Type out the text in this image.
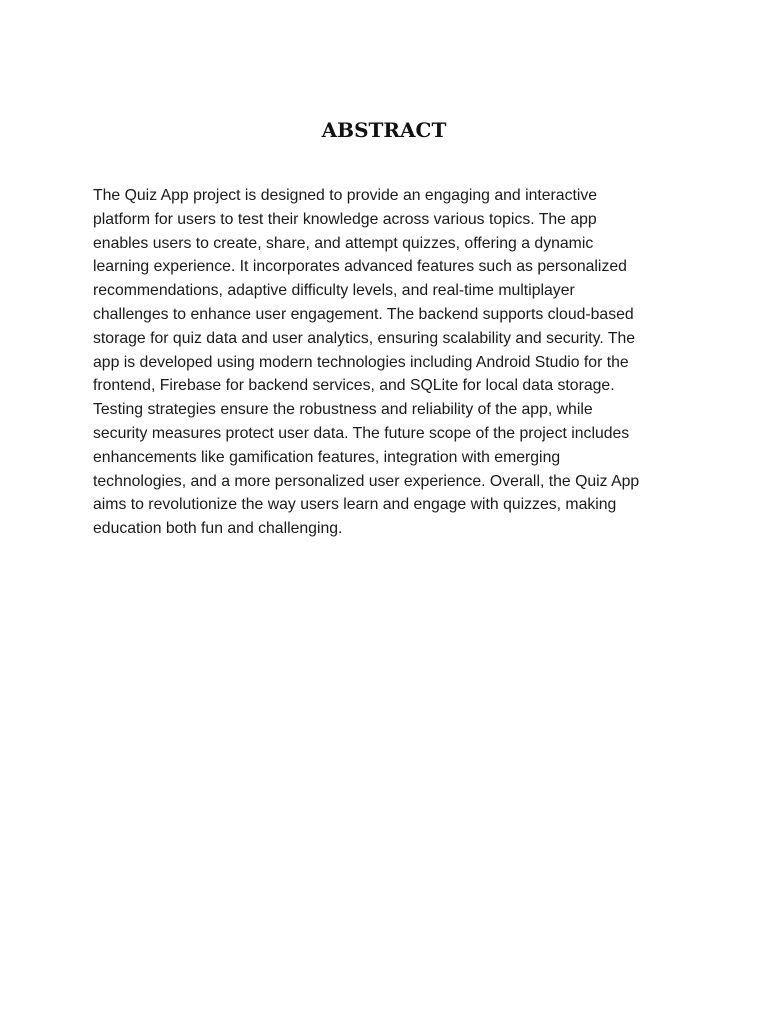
ABSTRACT

The Quiz App project is designed to provide an engaging and interactive
platform for users to test their knowledge across various topics. The app
enables users to create, share, and attempt quizzes, offering a dynamic
learning experience. It incorporates advanced features such as personalized
recommendations, adaptive difficulty levels, and real-time multiplayer
challenges to enhance user engagement. The backend supports cloud-based
storage for quiz data and user analytics, ensuring scalability and security. The
app is developed using modern technologies including Android Studio for the
frontend, Firebase for backend services, and SQLite for local data storage.
Testing strategies ensure the robustness and reliability of the app, while
security measures protect user data. The future scope of the project includes
enhancements like gamification features, integration with emerging
technologies, and a more personalized user experience. Overall, the Quiz App
aims to revolutionize the way users learn and engage with quizzes, making
education both fun and challenging.
